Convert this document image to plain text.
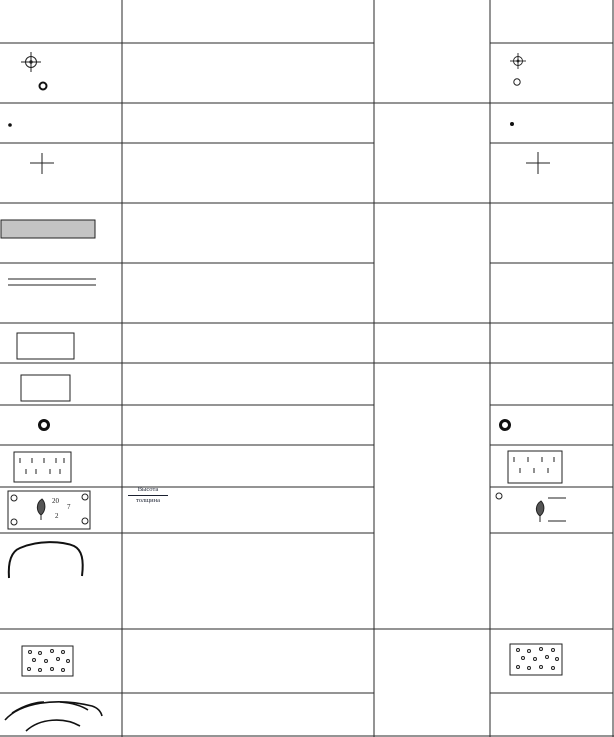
Высота
толщина
20
2
7
